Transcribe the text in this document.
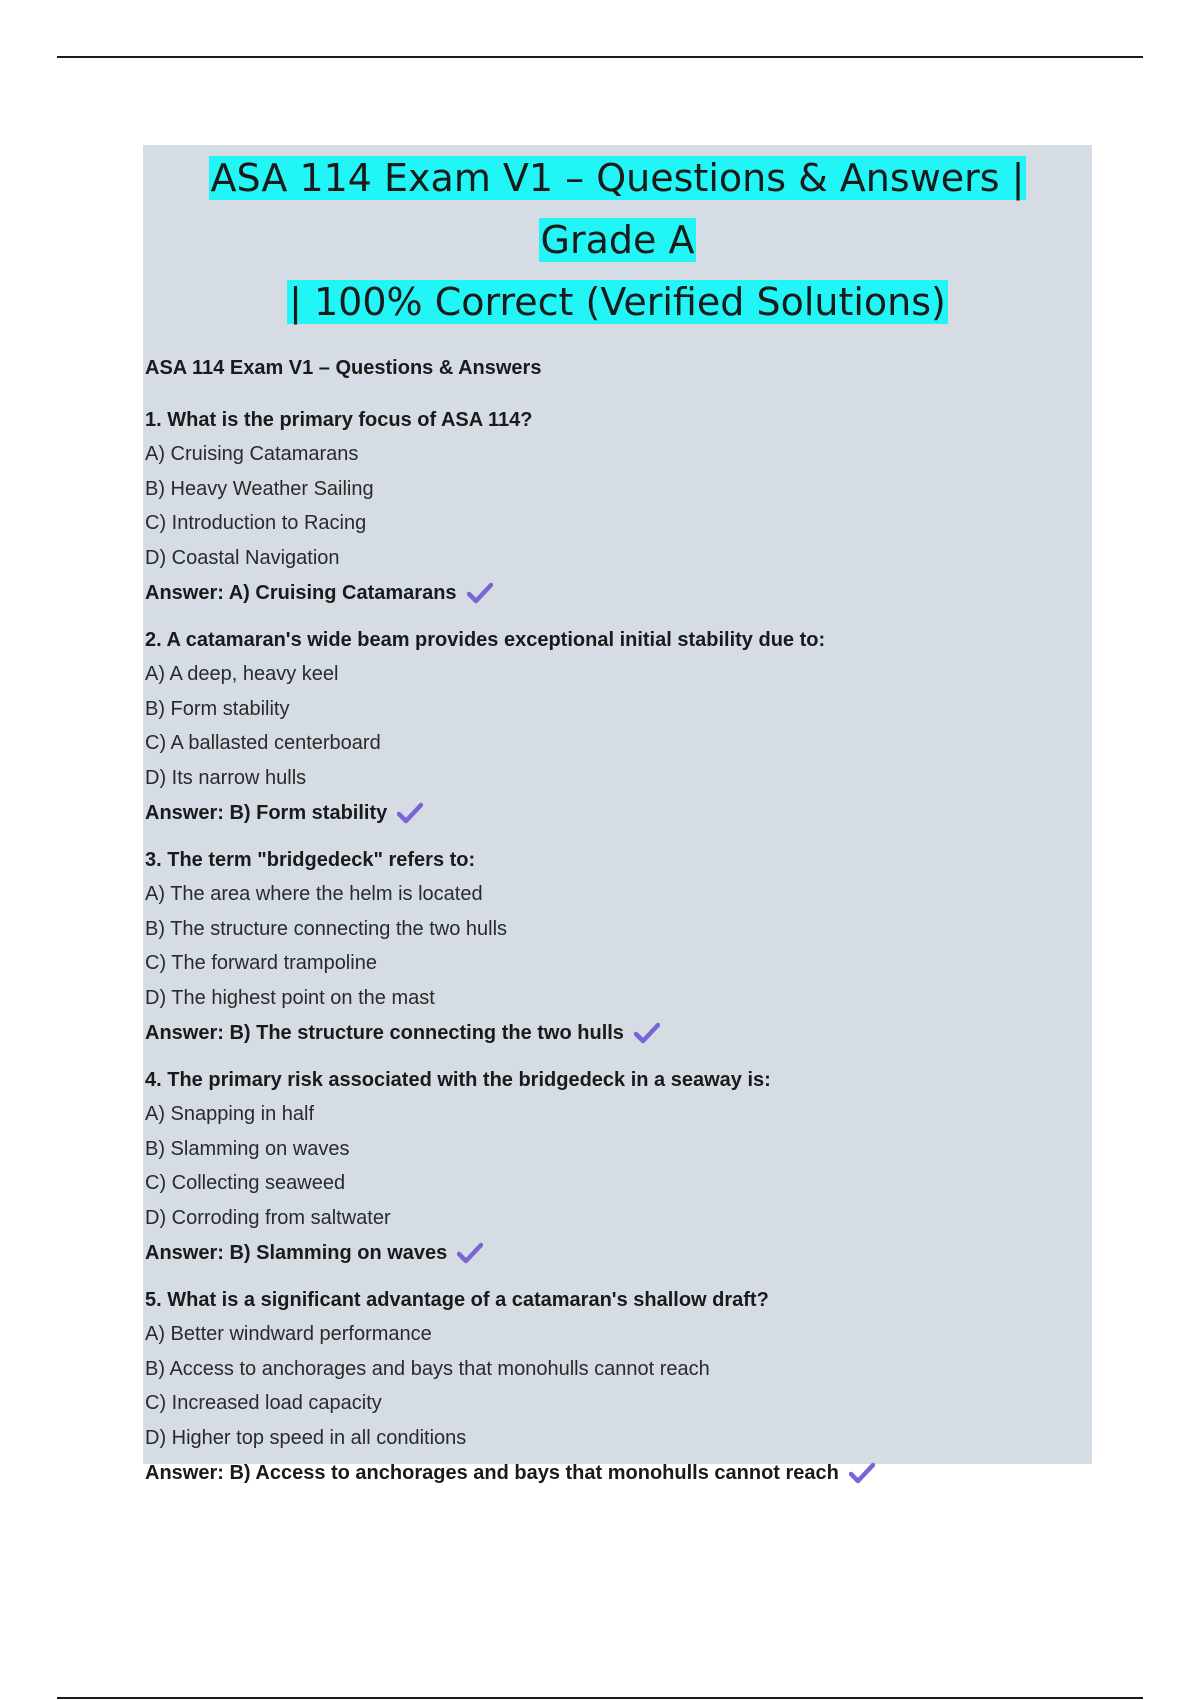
ASA 114 Exam V1 – Questions & Answers | Grade A
| 100% Correct (Verified Solutions)
ASA 114 Exam V1 – Questions & Answers
1. What is the primary focus of ASA 114?
A) Cruising Catamarans
B) Heavy Weather Sailing
C) Introduction to Racing
D) Coastal Navigation
Answer: A) Cruising Catamarans
2. A catamaran's wide beam provides exceptional initial stability due to:
A) A deep, heavy keel
B) Form stability
C) A ballasted centerboard
D) Its narrow hulls
Answer: B) Form stability
3. The term "bridgedeck" refers to:
A) The area where the helm is located
B) The structure connecting the two hulls
C) The forward trampoline
D) The highest point on the mast
Answer: B) The structure connecting the two hulls
4. The primary risk associated with the bridgedeck in a seaway is:
A) Snapping in half
B) Slamming on waves
C) Collecting seaweed
D) Corroding from saltwater
Answer: B) Slamming on waves
5. What is a significant advantage of a catamaran's shallow draft?
A) Better windward performance
B) Access to anchorages and bays that monohulls cannot reach
C) Increased load capacity
D) Higher top speed in all conditions
Answer: B) Access to anchorages and bays that monohulls cannot reach
